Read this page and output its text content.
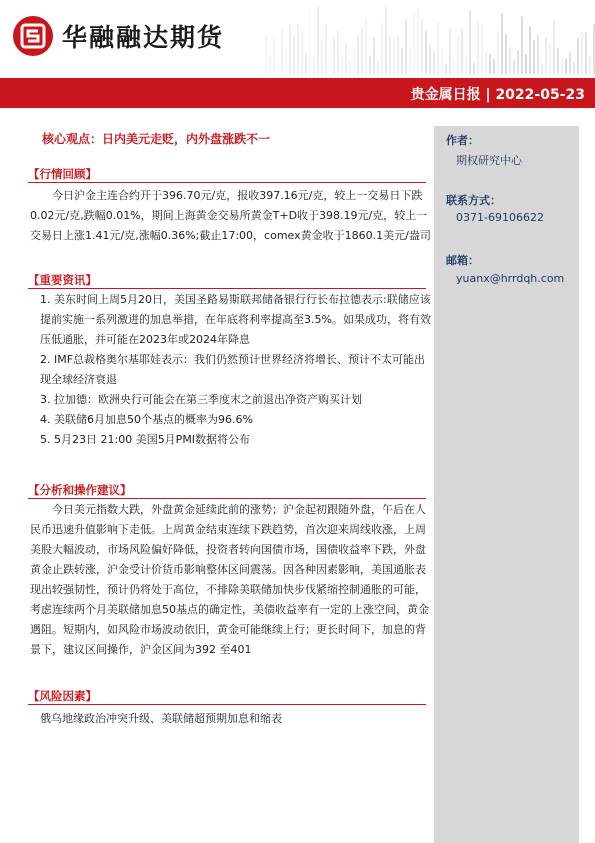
华融融达期货
贵金属日报 | 2022-05-23
作者：
期权研究中心
联系方式：
0371-69106622
邮箱：
yuanx@hrrdqh.com
核心观点：日内美元走贬，内外盘涨跌不一
【行情回顾】

今日沪金主连合约开于396.70元/克，报收397.16元/克，较上一交易日下跌0.02元/克,跌幅0.01%，期间上海黄金交易所黄金T+D收于398.19元/克，较上一交易日上涨1.41元/克,涨幅0.36%;截止17:00，comex黄金收于1860.1美元/盎司

【重要资讯】
1. 美东时间上周5月20日，美国圣路易斯联邦储备银行行长布拉德表示:联储应该提前实施一系列激进的加息举措，在年底将利率提高至3.5%。如果成功，将有效压低通胀，并可能在2023年或2024年降息
2. IMF总裁格奥尔基耶娃表示：我们仍然预计世界经济将增长、预计不太可能出现全球经济衰退
3. 拉加德：欧洲央行可能会在第三季度末之前退出净资产购买计划
4. 美联储6月加息50个基点的概率为96.6%
5. 5月23日 21:00 美国5月PMI数据将公布
【分析和操作建议】

今日美元指数大跌，外盘黄金延续此前的涨势；沪金起初跟随外盘，午后在人民币迅速升值影响下走低。上周黄金结束连续下跌趋势，首次迎来周线收涨，上周美股大幅波动，市场风险偏好降低，投资者转向国债市场，国债收益率下跌，外盘黄金止跌转涨，沪金受计价货币影响整体区间震荡。因各种因素影响，美国通胀表现出较强韧性，预计仍将处于高位，不排除美联储加快步伐紧缩控制通胀的可能，考虑连续两个月美联储加息50基点的确定性，美债收益率有一定的上涨空间，黄金遇阻。短期内，如风险市场波动依旧，黄金可能继续上行；更长时间下，加息的背景下，建议区间操作，沪金区间为392 至401

【风险因素】
俄乌地缘政治冲突升级、美联储超预期加息和缩表
